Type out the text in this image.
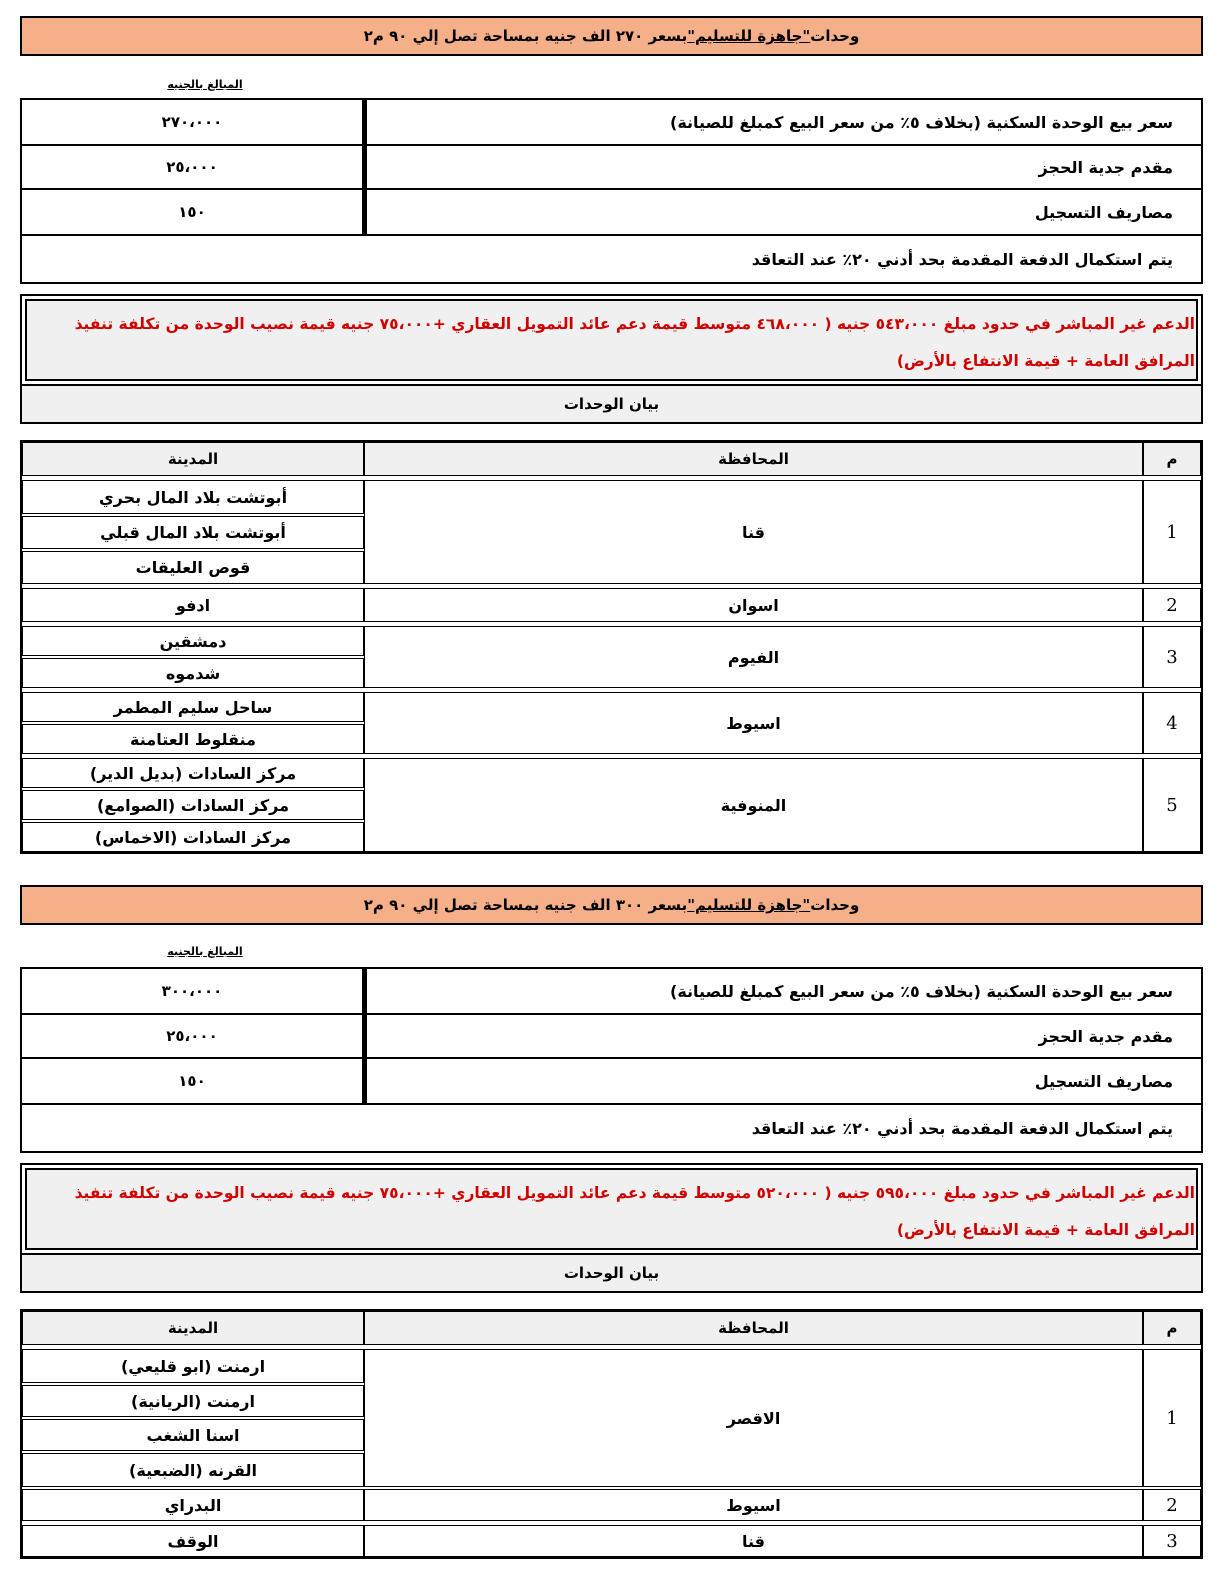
وحدات
"جاهزة للتسليم"
بسعر ٢٧٠ الف جنيه بمساحة تصل إلي ٩٠ م٢
المبالغ بالجنيه
سعر بيع الوحدة السكنية (بخلاف ٥٪ من سعر البيع كمبلغ للصيانة)
٢٧٠،٠٠٠
مقدم جدية الحجز
٢٥،٠٠٠
مصاريف التسجيل
١٥٠
يتم استكمال الدفعة المقدمة بحد أدني ٢٠٪ عند التعاقد
الدعم غير المباشر في حدود مبلغ ٥٤٣،٠٠٠ جنيه ( ٤٦٨،٠٠٠ متوسط قيمة دعم عائد التمويل العقاري +٧٥،٠٠٠ جنيه قيمة نصيب الوحدة من تكلفة تنفيذ المرافق العامة + قيمة الانتفاع بالأرض)
بيان الوحدات
م
المحافظة
المدينة
1
قنا
أبوتشت بلاد المال بحري
أبوتشت بلاد المال قبلي
قوص العليقات
2
اسوان
ادفو
3
الفيوم
دمشقين
شدموه
4
اسيوط
ساحل سليم المطمر
منقلوط العتامنة
5
المنوفية
مركز السادات (بديل الدير)
مركز السادات (الصوامع)
مركز السادات (الاخماس)
وحدات
"جاهزة للتسليم"
بسعر ٣٠٠ الف جنيه بمساحة تصل إلي ٩٠ م٢
المبالغ بالجنيه
سعر بيع الوحدة السكنية (بخلاف ٥٪ من سعر البيع كمبلغ للصيانة)
٣٠٠،٠٠٠
مقدم جدية الحجز
٢٥،٠٠٠
مصاريف التسجيل
١٥٠
يتم استكمال الدفعة المقدمة بحد أدني ٢٠٪ عند التعاقد
الدعم غير المباشر في حدود مبلغ ٥٩٥،٠٠٠ جنيه ( ٥٢٠،٠٠٠ متوسط قيمة دعم عائد التمويل العقاري +٧٥،٠٠٠ جنيه قيمة نصيب الوحدة من تكلفة تنفيذ المرافق العامة + قيمة الانتفاع بالأرض)
بيان الوحدات
م
المحافظة
المدينة
1
الاقصر
ارمنت (ابو قليعي)
ارمنت (الريانية)
اسنا الشغب
القرنه (الضبعية)
2
اسيوط
البدراي
3
قنا
الوقف
